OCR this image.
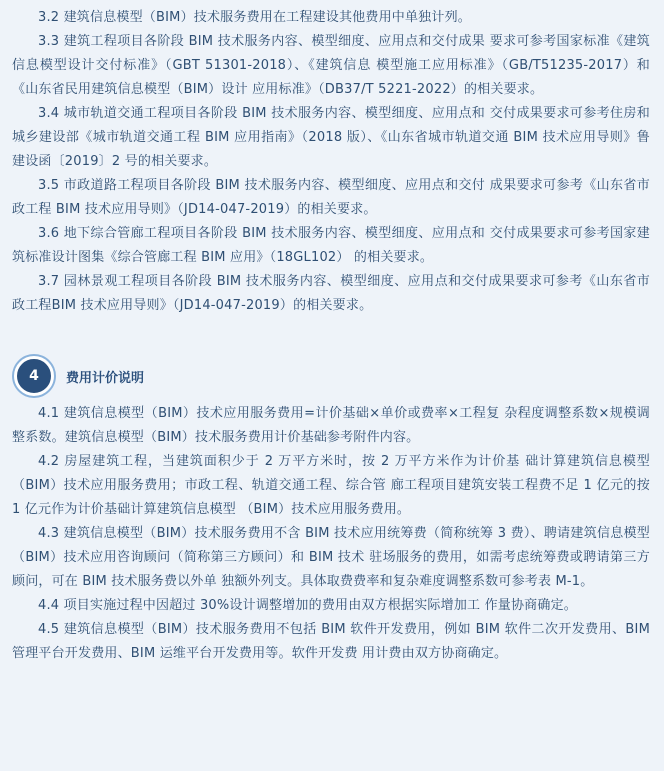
3.2 建筑信息模型（BIM）技术服务费用在工程建设其他费用中单独计列。

3.3 建筑工程项目各阶段 BIM 技术服务内容、模型细度、应用点和交付成果 要求可参考国家标准《建筑信息模型设计交付标准》（GBT 51301-2018）、《建筑信息 模型施工应用标准》（GB/T51235-2017）和《山东省民用建筑信息模型（BIM）设计 应用标准》（DB37/T 5221-2022）的相关要求。

3.4 城市轨道交通工程项目各阶段 BIM 技术服务内容、模型细度、应用点和 交付成果要求可参考住房和城乡建设部《城市轨道交通工程 BIM 应用指南》（2018 版）、《山东省城市轨道交通 BIM 技术应用导则》鲁建设函〔2019〕2 号的相关要求。

3.5 市政道路工程项目各阶段 BIM 技术服务内容、模型细度、应用点和交付 成果要求可参考《山东省市政工程 BIM 技术应用导则》（JD14-047-2019）的相关要求。

3.6 地下综合管廊工程项目各阶段 BIM 技术服务内容、模型细度、应用点和 交付成果要求可参考国家建筑标准设计图集《综合管廊工程 BIM 应用》（18GL102） 的相关要求。

3.7 园林景观工程项目各阶段 BIM 技术服务内容、模型细度、应用点和交付成果要求可参考《山东省市政工程BIM 技术应用导则》（JD14-047-2019）的相关要求。

4	费用计价说明

4.1 建筑信息模型（BIM）技术应用服务费用=计价基础×单价或费率×工程复 杂程度调整系数×规模调整系数。建筑信息模型（BIM）技术服务费用计价基础参考附件内容。

4.2 房屋建筑工程，当建筑面积少于 2 万平方米时，按 2 万平方米作为计价基 础计算建筑信息模型（BIM）技术应用服务费用；市政工程、轨道交通工程、综合管 廊工程项目建筑安装工程费不足 1 亿元的按 1 亿元作为计价基础计算建筑信息模型 （BIM）技术应用服务费用。

4.3 建筑信息模型（BIM）技术服务费用不含 BIM 技术应用统筹费（简称统筹 3 费）、聘请建筑信息模型（BIM）技术应用咨询顾问（简称第三方顾问）和 BIM 技术 驻场服务的费用，如需考虑统筹费或聘请第三方顾问，可在 BIM 技术服务费以外单 独额外列支。具体取费费率和复杂难度调整系数可参考表 M-1。

4.4 项目实施过程中因超过 30%设计调整增加的费用由双方根据实际增加工 作量协商确定。

4.5 建筑信息模型（BIM）技术服务费用不包括 BIM 软件开发费用，例如 BIM 软件二次开发费用、BIM 管理平台开发费用、BIM 运维平台开发费用等。软件开发费 用计费由双方协商确定。
